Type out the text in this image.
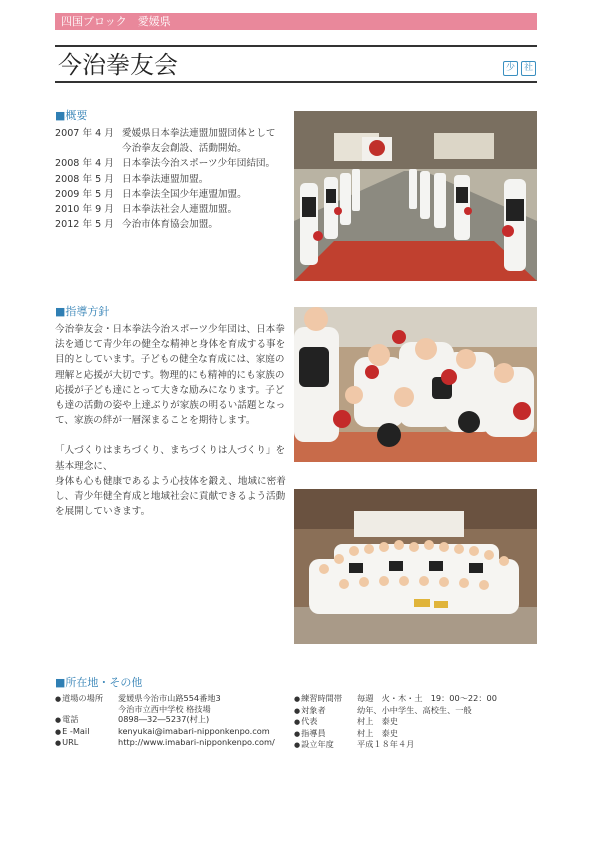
四国ブロック　愛媛県
今治拳友会	少 社
■概要
2007 年 4 月 愛媛県日本拳法連盟加盟団体として今治拳友会創設、活動開始。
2008 年 4 月 日本拳法今治スポーツ少年団結団。
2008 年 5 月 日本拳法連盟加盟。
2009 年 5 月 日本拳法全国少年連盟加盟。
2010 年 9 月 日本拳法社会人連盟加盟。
2012 年 5 月 今治市体育協会加盟。
■指導方針

今治拳友会・日本拳法今治スポーツ少年団は、日本拳法を通じて青少年の健全な精神と身体を育成する事を目的としています。子どもの健全な育成には、家庭の理解と応援が大切です。物理的にも精神的にも家族の応援が子ども達にとって大きな励みになります。子ども達の活動の姿や上達ぶりが家族の明るい話題となって、家族の絆が一層深まることを期待します。

「人づくりはまちづくり、まちづくりは人づくり」を基本理念に、

身体も心も健康であるよう心技体を鍛え、地域に密着し、青少年健全育成と地域社会に貢献できるよう活動を展開していきます。

■所在地・その他
● 道場の場所	愛媛県今治市山路554番地3
今治市立西中学校 格技場
● 電話	0898―32―5237(村上)
● E -Mail	kenyukai@imabari-nipponkenpo.com
● URL	http://www.imabari-nipponkenpo.com/
● 練習時間帯	毎週　火・木・土　19：00～22：00
● 対象者	幼年、小中学生、高校生、一般
● 代表	村上　泰史
● 指導員	村上　泰史
● 設立年度	平成１８年４月
